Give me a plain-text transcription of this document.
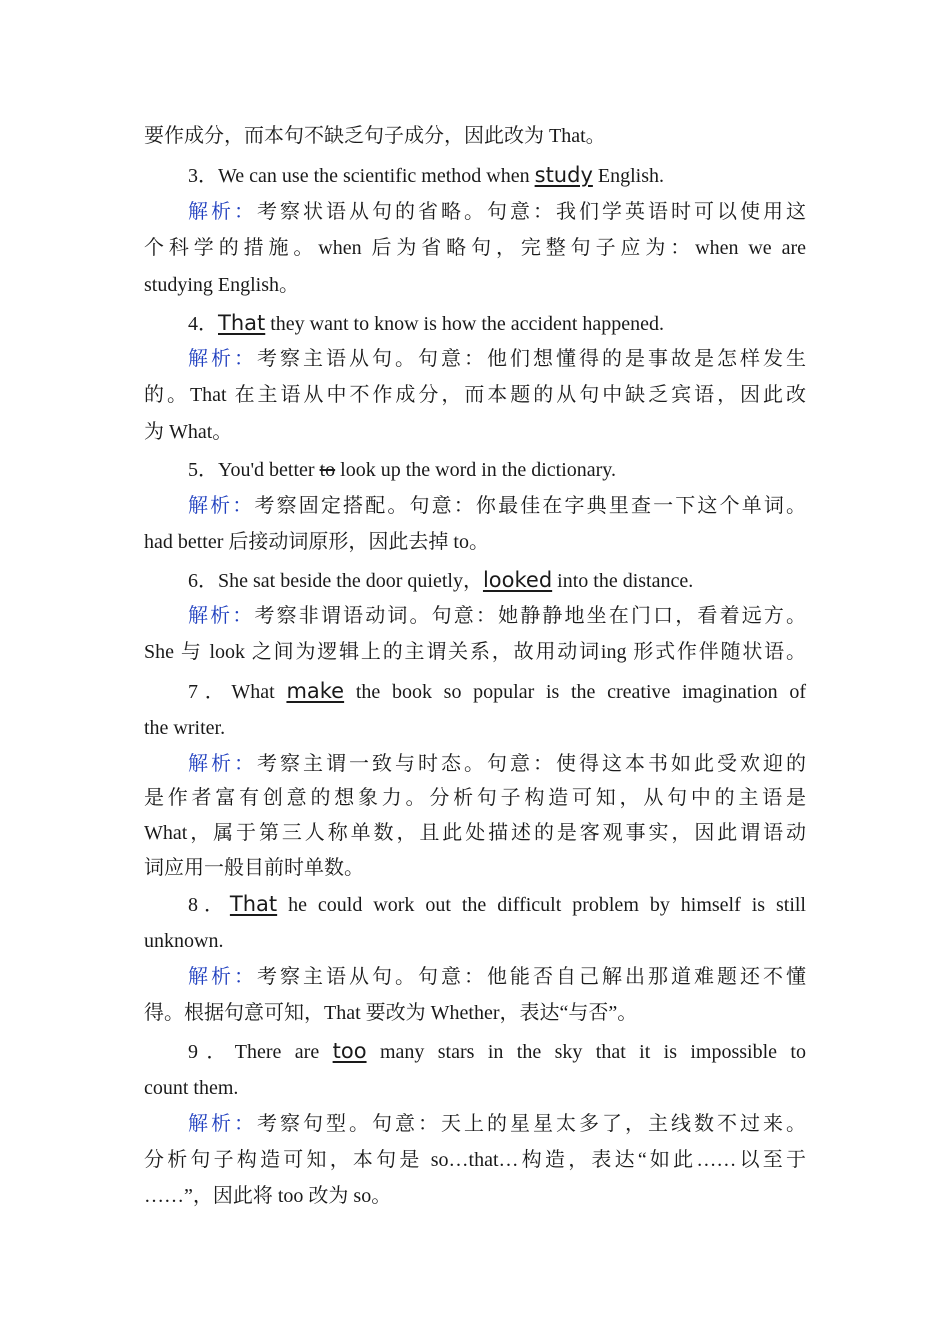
要作成分，而本句不缺乏句子成分，因此改为 That。
3．We can use the scientific method when study English.
解析：考察状语从句的省略。句意：我们学英语时可以使用这
个科学的措施。when 后为省略句，完整句子应为：when we are
studying English。
4．That they want to know is how the accident happened.
解析：考察主语从句。句意：他们想懂得的是事故是怎样发生
的。That 在主语从中不作成分，而本题的从句中缺乏宾语，因此改
为 What。
5．You'd better to look up the word in the dictionary.
解析：考察固定搭配。句意：你最佳在字典里查一下这个单词。
had better 后接动词原形，因此去掉 to。
6．She sat beside the door quietly，looked into the distance.
解析：考察非谓语动词。句意：她静静地坐在门口，看着远方。
She 与 look 之间为逻辑上的主谓关系，故用动词ing 形式作伴随状语。
7．What make the book so popular is the creative imagination of
the writer.
解析：考察主谓一致与时态。句意：使得这本书如此受欢迎的
是作者富有创意的想象力。分析句子构造可知，从句中的主语是
What，属于第三人称单数，且此处描述的是客观事实，因此谓语动
词应用一般目前时单数。
8．That he could work out the difficult problem by himself is still
unknown.
解析：考察主语从句。句意：他能否自己解出那道难题还不懂
得。根据句意可知，That 要改为 Whether，表达“与否”。
9．There are too many stars in the sky that it is impossible to
count them.
解析：考察句型。句意：天上的星星太多了，主线数不过来。
分析句子构造可知，本句是 so…that…构造，表达“如此……以至于
……”，因此将 too 改为 so。
